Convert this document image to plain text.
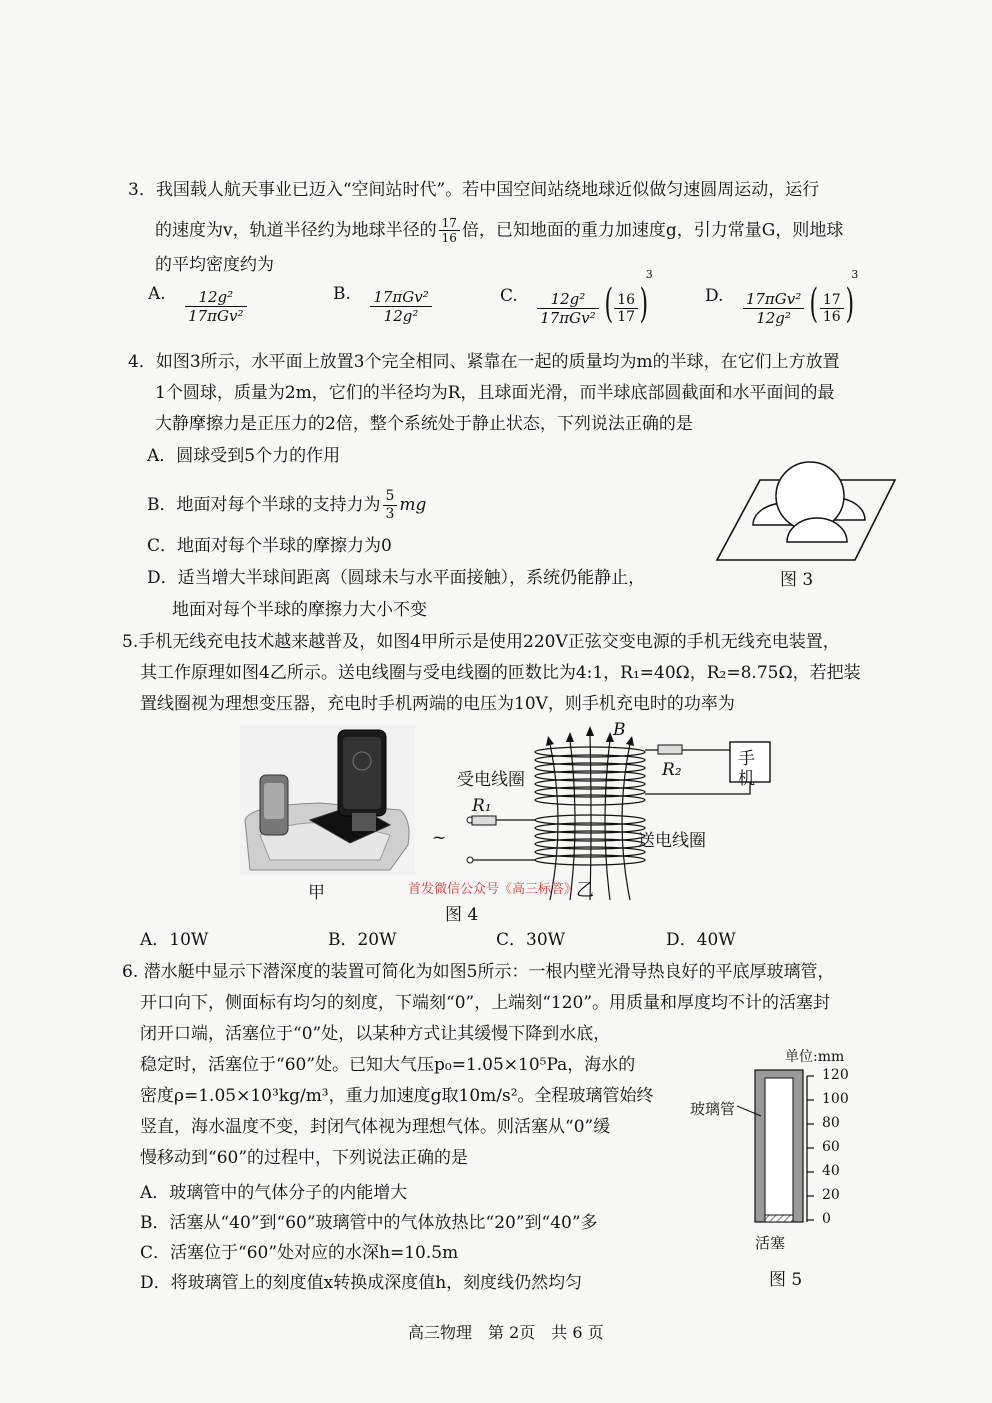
3．我国载人航天事业已迈入“空间站时代”。若中国空间站绕地球近似做匀速圆周运动，运行
的速度为v，轨道半径约为地球半径的 $\frac{17}{16}$ 倍，已知地面的重力加速度g，引力常量G，则地球
的平均密度约为
A. $\frac{\text{12g²}}{\text{17πGv²}}$	B. $\frac{\text{17πGv²}}{\text{12g²}}$	C. $\frac{\text{12g²}}{\text{17πGv²}}$ ( $\frac{16}{17} )^3$
D. $\frac{\text{17πGv²}}{\text{12g²}}$ ( $\frac{17}{16} )^3$
4．如图3所示，水平面上放置3个完全相同、紧靠在一起的质量均为m的半球，在它们上方放置
1个圆球，质量为2m，它们的半径均为R，且球面光滑，而半球底部圆截面和水平面间的最
大静摩擦力是正压力的2倍，整个系统处于静止状态，下列说法正确的是
A．圆球受到5个力的作用
B．地面对每个半球的支持力为 $\frac{5}{3}$ mg
C．地面对每个半球的摩擦力为0
D．适当增大半球间距离（圆球未与水平面接触），系统仍能静止，
地面对每个半球的摩擦力大小不变
图 3
5.手机无线充电技术越来越普及，如图4甲所示是使用220V正弦交变电源的手机无线充电装置，
其工作原理如图4乙所示。送电线圈与受电线圈的匝数比为4:1，R₁=40Ω，R₂=8.75Ω，若把装
置线圈视为理想变压器，充电时手机两端的电压为10V，则手机充电时的功率为
甲
B
R₂
R₁
受电线圈
送电线圈
手
机
~
首发微信公众号《高三标答》
乙
图 4
A．10W	B．20W	C．30W	D．40W
6. 潜水艇中显示下潜深度的装置可简化为如图5所示：一根内壁光滑导热良好的平底厚玻璃管，
开口向下，侧面标有均匀的刻度，下端刻“0”，上端刻“120”。用质量和厚度均不计的活塞封
闭开口端，活塞位于“0”处，以某种方式让其缓慢下降到水底，
稳定时，活塞位于“60”处。已知大气压p₀=1.05×10⁵Pa，海水的
密度ρ=1.05×10³kg/m³，重力加速度g取10m/s²。全程玻璃管始终
竖直，海水温度不变，封闭气体视为理想气体。则活塞从“0”缓
慢移动到“60”的过程中，下列说法正确的是
A．玻璃管中的气体分子的内能增大
B．活塞从“40”到“60”玻璃管中的气体放热比“20”到“40”多
C．活塞位于“60”处对应的水深h=10.5m
D．将玻璃管上的刻度值x转换成深度值h，刻度线仍然均匀
单位:mm
120
100
80
60
40
20
0
玻璃管
活塞
图 5
高三物理　第 2页　共 6 页
